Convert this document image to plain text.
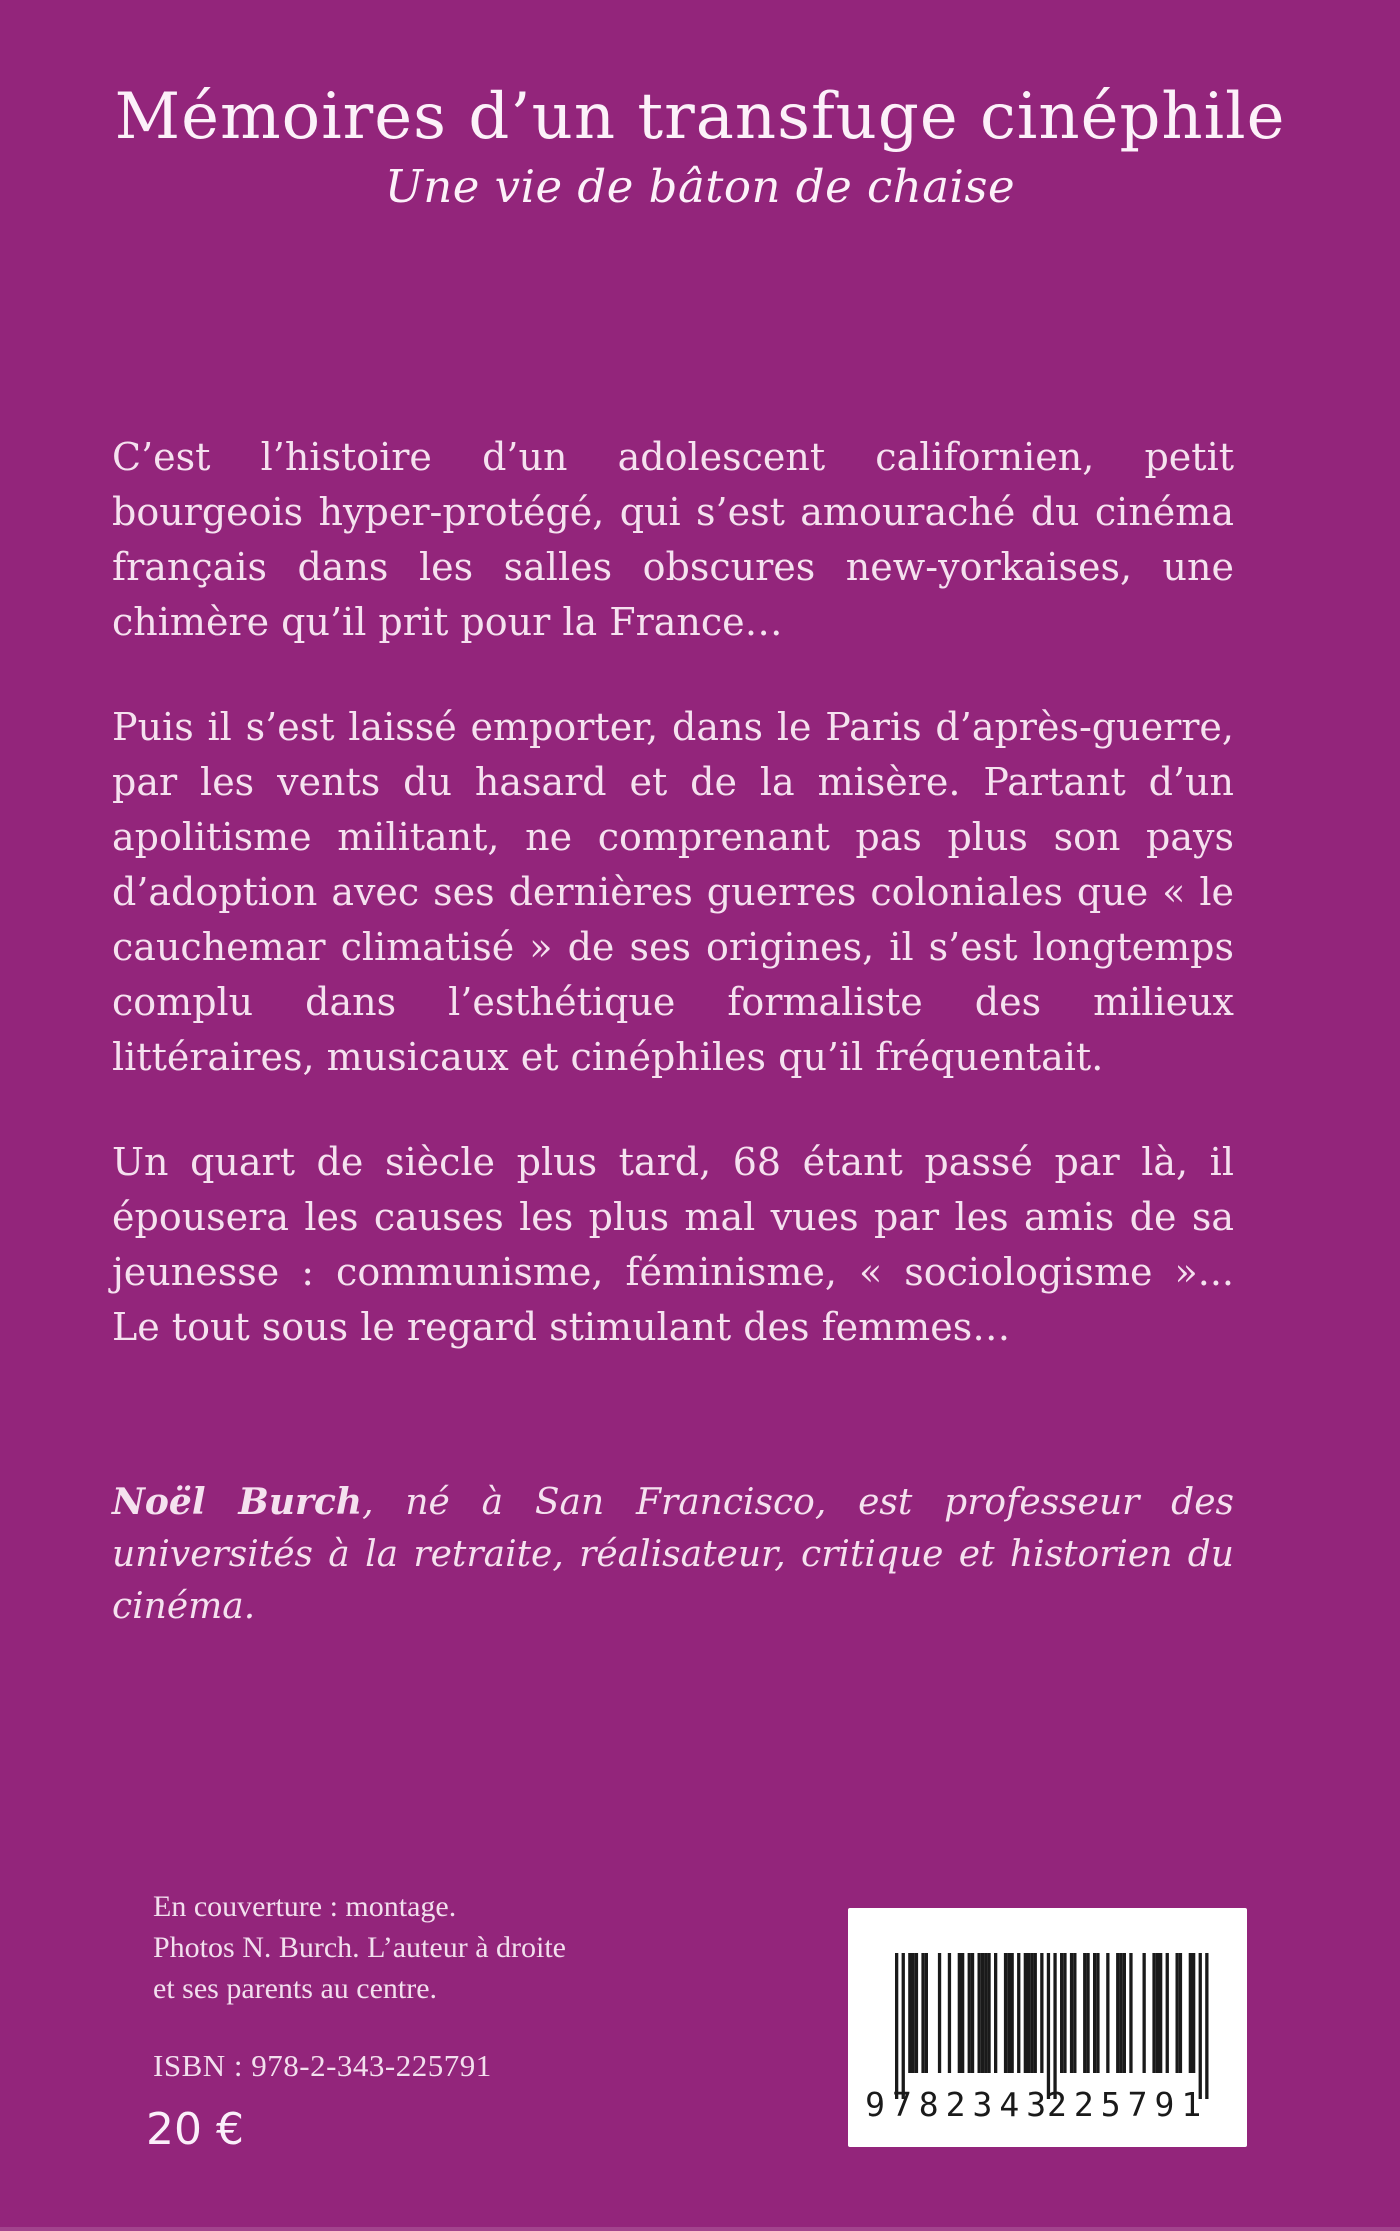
Mémoires d’un transfuge cinéphile
Une vie de bâton de chaise

C’est l’histoire d’un adolescent californien, petit bourgeois hyper-protégé, qui s’est amouraché du cinéma français dans les salles obscures new-yorkaises, une chimère qu’il prit pour la France…

Puis il s’est laissé emporter, dans le Paris d’après-guerre, par les vents du hasard et de la misère. Partant d’un apolitisme militant, ne comprenant pas plus son pays d’adoption avec ses dernières guerres coloniales que « le cauchemar climatisé » de ses origines, il s’est longtemps complu dans l’esthétique formaliste des milieux littéraires, musicaux et cinéphiles qu’il fréquentait.

Un quart de siècle plus tard, 68 étant passé par là, il épousera les causes les plus mal vues par les amis de sa jeunesse : communisme, féminisme, « sociologisme »... Le tout sous le regard stimulant des femmes…

Noël Burch, né à San Francisco, est professeur des universités à la retraite, réalisateur, critique et historien du cinéma.
En couverture : montage.
Photos N. Burch. L’auteur à droite
et ses parents au centre.
ISBN : 978-2-343-225791
20 €	9 782343
225791
